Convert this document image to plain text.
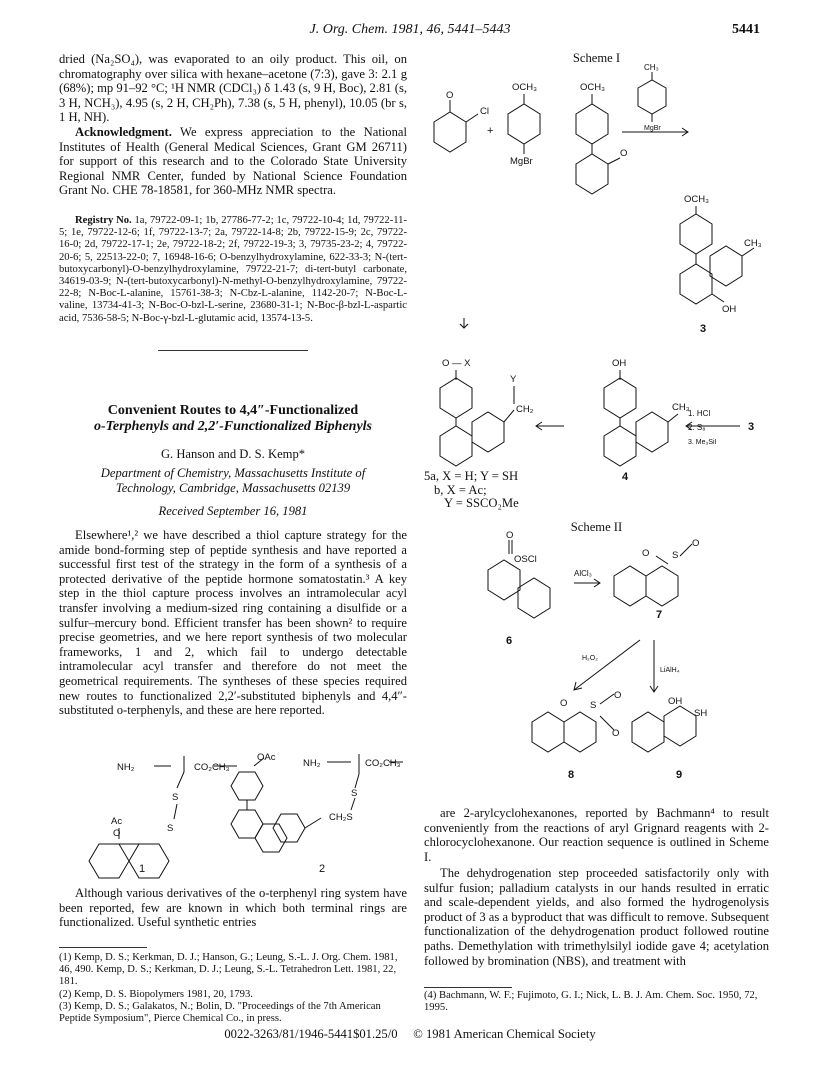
J. Org. Chem. 1981, 46, 5441–5443	5441

dried (Na₂SO₄), was evaporated to an oily product. This oil, on chromatography over silica with hexane–acetone (7:3), gave 3: 2.1 g (68%); mp 91–92 °C; ¹H NMR (CDCl₃) δ 1.43 (s, 9 H, Boc), 2.81 (s, 3 H, NCH₃), 4.95 (s, 2 H, CH₂Ph), 7.38 (s, 5 H, phenyl), 10.05 (br s, 1 H, NH).

Acknowledgment. We express appreciation to the National Institutes of Health (General Medical Sciences, Grant GM 26711) for support of this research and to the Colorado State University Regional NMR Center, funded by National Science Foundation Grant No. CHE 78-18581, for 360-MHz NMR spectra.

Registry No. 1a, 79722-09-1; 1b, 27786-77-2; 1c, 79722-10-4; 1d, 79722-11-5; 1e, 79722-12-6; 1f, 79722-13-7; 2a, 79722-14-8; 2b, 79722-15-9; 2c, 79722-16-0; 2d, 79722-17-1; 2e, 79722-18-2; 2f, 79722-19-3; 3, 79735-23-2; 4, 79722-20-6; 5, 22513-22-0; 7, 16948-16-6; O-benzylhydroxylamine, 622-33-3; N-(tert-butoxycarbonyl)-O-benzylhydroxylamine, 79722-21-7; di-tert-butyl carbonate, 34619-03-9; N-(tert-butoxycarbonyl)-N-methyl-O-benzylhydroxylamine, 79722-22-8; N-Boc-L-alanine, 15761-38-3; N-Cbz-L-alanine, 1142-20-7; N-Boc-L-valine, 13734-41-3; N-Boc-O-bzl-L-serine, 23680-31-1; N-Boc-β-bzl-L-aspartic acid, 7536-58-5; N-Boc-γ-bzl-L-glutamic acid, 13574-13-5.

Convenient Routes to 4,4″-Functionalized
o-Terphenyls and 2,2′-Functionalized Biphenyls
G. Hanson and D. S. Kemp*
Department of Chemistry, Massachusetts Institute of Technology, Cambridge, Massachusetts 02139
Received September 16, 1981

Elsewhere¹,² we have described a thiol capture strategy for the amide bond-forming step of peptide synthesis and have reported a successful first test of the strategy in the form of a synthesis of a protected derivative of the peptide hormone somatostatin.³ A key step in the thiol capture process involves an intramolecular acyl transfer involving a medium-sized ring containing a disulfide or a sulfur–mercury bond. Efficient transfer has been shown² to require precise geometries, and we here report synthesis of two molecular frameworks, 1 and 2, which fail to undergo detectable intramolecular acyl transfer and therefore do not meet the geometrical requirements. The syntheses of these species required new routes to functionalized 2,2′-substituted biphenyls and 4,4″-substituted o-terphenyls, and these are here reported.

NH₂	CO₂CH₃
S
S
Ac
O
1
OAc
NH₂	CO₂CH₃
S
CH₂S
2

Although various derivatives of the o-terphenyl ring system have been reported, few are known in which both terminal rings are functionalized. Useful synthetic entries

(1) Kemp, D. S.; Kerkman, D. J.; Hanson, G.; Leung, S.-L. J. Org. Chem. 1981, 46, 490. Kemp, D. S.; Kerkman, D. J.; Leung, S.-L. Tetrahedron Lett. 1981, 22, 181.

(2) Kemp, D. S. Biopolymers 1981, 20, 1793.

(3) Kemp, D. S.; Galakatos, N.; Bolin, D. "Proceedings of the 7th American Peptide Symposium", Pierce Chemical Co., in press.

Scheme I
O
Cl
+
OCH₃
MgBr
OCH₃
O
CH₃
MgBr
OCH₃
CH₃
OH
3
OH
CH₃
4
1. HCl
2. S₈
3. Me₃SiI
3
O — X
Y
CH₂
5a, X = H; Y = SH
b, X = Ac;
Y = SSCO₂Me
Scheme II
O
OSCl
AlCl₃
O S
O
6
7
H₂O₂
LiAlH₄
O S
O
O
OH
SH
8	9

are 2-arylcyclohexanones, reported by Bachmann⁴ to result conveniently from the reactions of aryl Grignard reagents with 2-chlorocyclohexanone. Our reaction sequence is outlined in Scheme I.

The dehydrogenation step proceeded satisfactorily only with sulfur fusion; palladium catalysts in our hands resulted in erratic and scale-dependent yields, and also formed the hydrogenolysis product of 3 as a byproduct that was difficult to remove. Subsequent functionalization of the dehydrogenation product followed routine paths. Demethylation with trimethylsilyl iodide gave 4; acetylation followed by bromination (NBS), and treatment with

(4) Bachmann, W. F.; Fujimoto, G. I.; Nick, L. B. J. Am. Chem. Soc. 1950, 72, 1995.

0022-3263/81/1946-5441$01.25/0 © 1981 American Chemical Society
